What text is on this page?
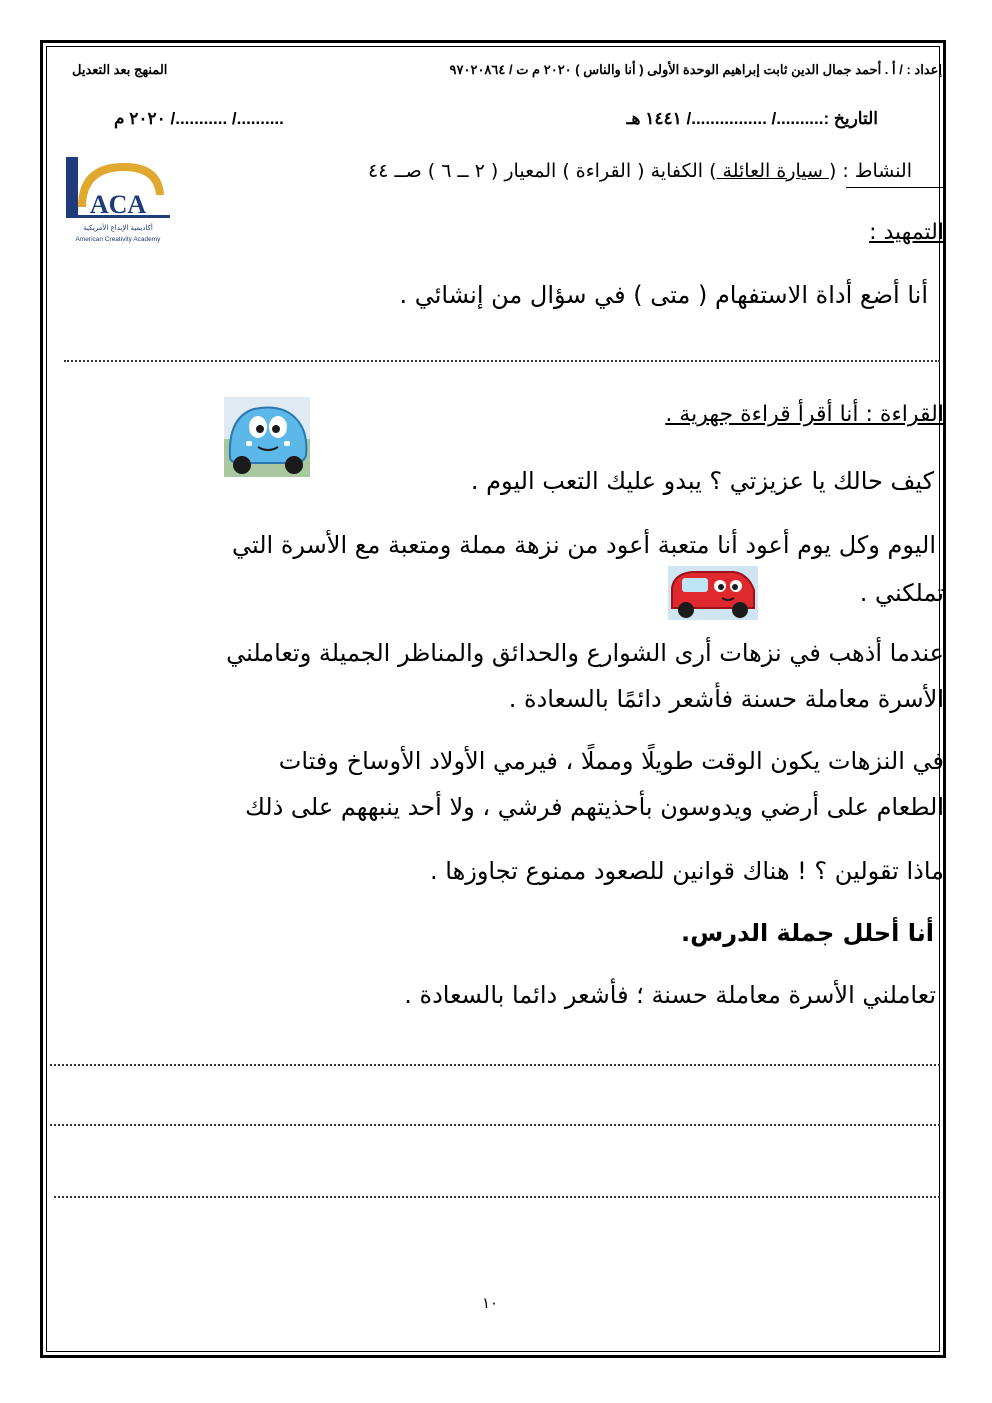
إعداد : / أ . أحمد جمال الدين ثابت إبراهيم الوحدة الأولى ( أنا والناس ) ٢٠٢٠ م ت / ٩٧٠٢٠٨٦٤
المنهج بعد التعديل
التاريخ :........../ ................/ ١٤٤١ هـ
........../ .........../ ٢٠٢٠ م
النشاط : ( سيارة العائلة ) الكفاية ( القراءة ) المعيار ( ٢ ــ ٦ ) صــ ٤٤
ACA
أكاديمية الإبداع الأمريكية
American Creativity Academy	التمهيد :
أنا أضع أداة الاستفهام ( متى ) في سؤال من إنشائي .
القراءة : أنا أقرأ قراءة جهرية .
كيف حالك يا عزيزتي ؟ يبدو عليك التعب اليوم .
اليوم وكل يوم أعود أنا متعبة أعود من نزهة مملة ومتعبة مع الأسرة التي
تملكني .
عندما أذهب في نزهات أرى الشوارع والحدائق والمناظر الجميلة وتعاملني
الأسرة معاملة حسنة فأشعر دائمًا بالسعادة .
في النزهات يكون الوقت طويلًا ومملًا ، فيرمي الأولاد الأوساخ وفتات
الطعام على أرضي ويدوسون بأحذيتهم فرشي ، ولا أحد ينبههم على ذلك
ماذا تقولين ؟ ! هناك قوانين للصعود ممنوع تجاوزها .
أنا أحلل جملة الدرس.
تعاملني الأسرة معاملة حسنة ؛ فأشعر دائما بالسعادة .
١٠
